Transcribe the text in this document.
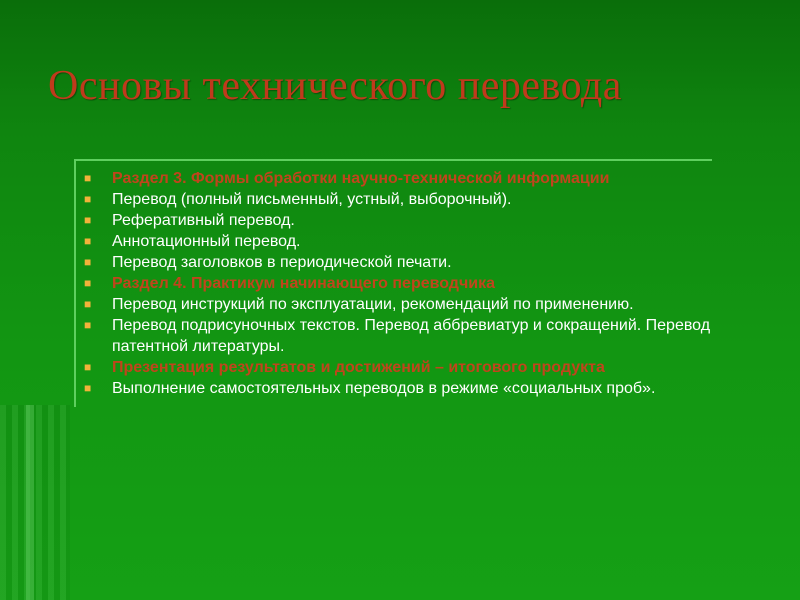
Основы технического перевода
■ Раздел 3. Формы обработки научно-технической информации
■ Перевод (полный письменный, устный, выборочный).
■ Реферативный перевод.
■ Аннотационный перевод.
■ Перевод заголовков в периодической печати.
■ Раздел 4. Практикум начинающего переводчика
■ Перевод инструкций по эксплуатации, рекомендаций по применению.
■ Перевод подрисуночных текстов. Перевод аббревиатур и сокращений. Перевод патентной литературы.
■ Презентация результатов и достижений – итогового продукта
■ Выполнение самостоятельных переводов в режиме «социальных проб».
